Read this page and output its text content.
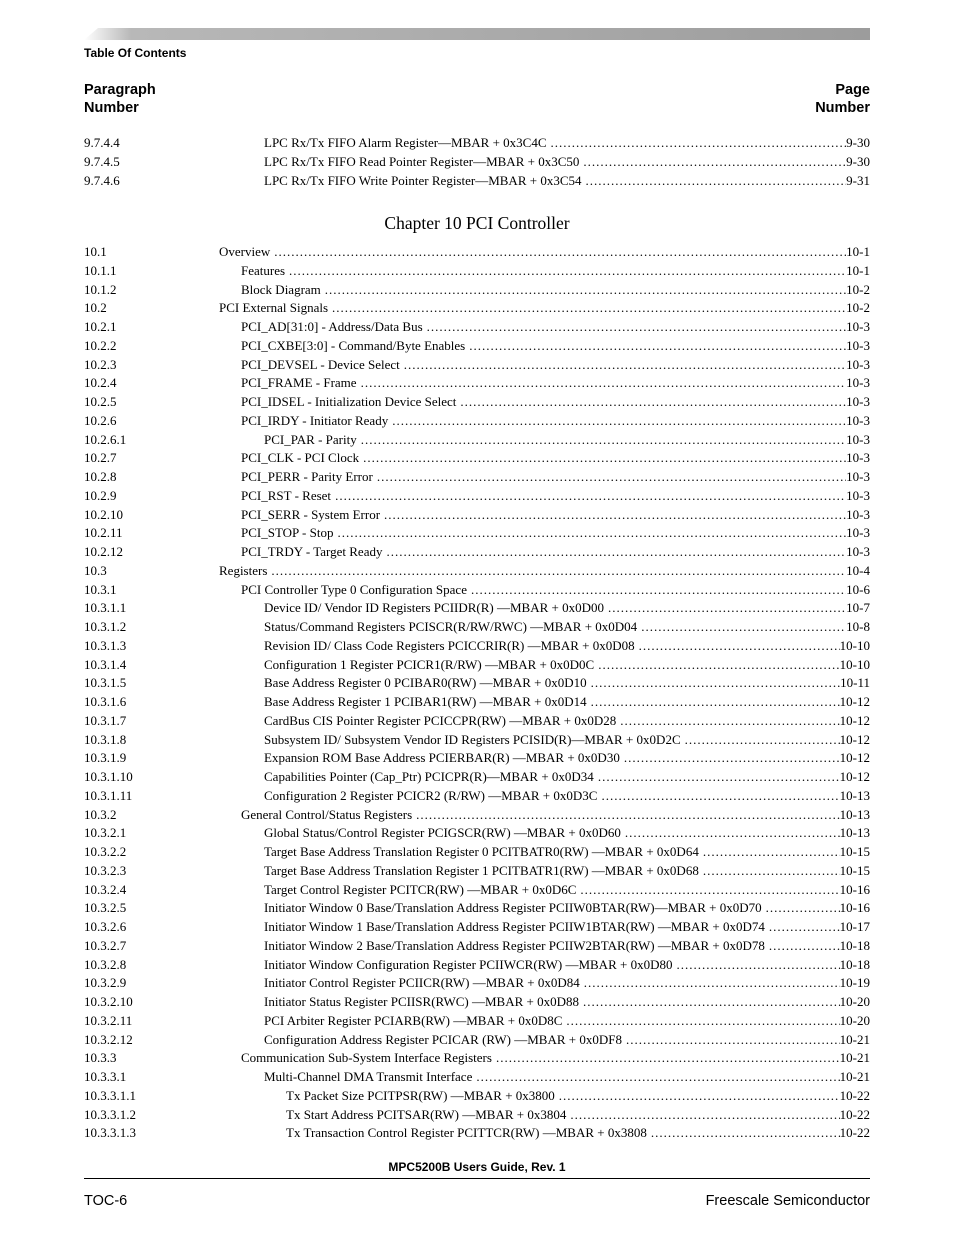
Table Of Contents
Paragraph
Number
Page
Number
9.7.4.4	LPC Rx/Tx FIFO Alarm Register—MBAR + 0x3C4C .....	9-30
9.7.4.5	LPC Rx/Tx FIFO Read Pointer Register—MBAR + 0x3C50 .....	9-30
9.7.4.6	LPC Rx/Tx FIFO Write Pointer Register—MBAR + 0x3C54 .....	9-31
Chapter 10 PCI Controller
10.1	Overview .....	10-1
10.1.1	Features .....	10-1
10.1.2	Block Diagram .....	10-2
10.2	PCI External Signals .....	10-2
10.2.1	PCI_AD[31:0] - Address/Data Bus .....	10-3
10.2.2	PCI_CXBE[3:0] - Command/Byte Enables .....	10-3
10.2.3	PCI_DEVSEL - Device Select .....	10-3
10.2.4	PCI_FRAME - Frame .....	10-3
10.2.5	PCI_IDSEL - Initialization Device Select .....	10-3
10.2.6	PCI_IRDY - Initiator Ready .....	10-3
10.2.6.1	PCI_PAR - Parity .....	10-3
10.2.7	PCI_CLK - PCI Clock .....	10-3
10.2.8	PCI_PERR - Parity Error .....	10-3
10.2.9	PCI_RST - Reset .....	10-3
10.2.10	PCI_SERR - System Error .....	10-3
10.2.11	PCI_STOP - Stop .....	10-3
10.2.12	PCI_TRDY - Target Ready .....	10-3
10.3	Registers .....	10-4
10.3.1	PCI Controller Type 0 Configuration Space .....	10-6
10.3.1.1	Device ID/ Vendor ID Registers PCIIDR(R) —MBAR + 0x0D00 .....	10-7
10.3.1.2	Status/Command Registers PCISCR(R/RW/RWC) —MBAR + 0x0D04 .....	10-8
10.3.1.3	Revision ID/ Class Code Registers PCICCRIR(R) —MBAR + 0x0D08 .....	10-10
10.3.1.4	Configuration 1 Register PCICR1(R/RW) —MBAR + 0x0D0C .....	10-10
10.3.1.5	Base Address Register 0 PCIBAR0(RW) —MBAR + 0x0D10 .....	10-11
10.3.1.6	Base Address Register 1 PCIBAR1(RW) —MBAR + 0x0D14 .....	10-12
10.3.1.7	CardBus CIS Pointer Register PCICCPR(RW) —MBAR + 0x0D28 .....	10-12
10.3.1.8	Subsystem ID/ Subsystem Vendor ID Registers PCISID(R)—MBAR + 0x0D2C .....	10-12
10.3.1.9	Expansion ROM Base Address PCIERBAR(R) —MBAR + 0x0D30 .....	10-12
10.3.1.10	Capabilities Pointer (Cap_Ptr) PCICPR(R)—MBAR + 0x0D34 .....	10-12
10.3.1.11	Configuration 2 Register PCICR2 (R/RW) —MBAR + 0x0D3C .....	10-13
10.3.2	General Control/Status Registers .....	10-13
10.3.2.1	Global Status/Control Register PCIGSCR(RW) —MBAR + 0x0D60 .....	10-13
10.3.2.2	Target Base Address Translation Register 0 PCITBATR0(RW) —MBAR + 0x0D64 .....	10-15
10.3.2.3	Target Base Address Translation Register 1 PCITBATR1(RW) —MBAR + 0x0D68 .....	10-15
10.3.2.4	Target Control Register PCITCR(RW) —MBAR + 0x0D6C .....	10-16
10.3.2.5	Initiator Window 0 Base/Translation Address Register PCIIW0BTAR(RW)—MBAR + 0x0D70 .....	10-16
10.3.2.6	Initiator Window 1 Base/Translation Address Register PCIIW1BTAR(RW) —MBAR + 0x0D74 .....	10-17
10.3.2.7	Initiator Window 2 Base/Translation Address Register PCIIW2BTAR(RW) —MBAR + 0x0D78 .....	10-18
10.3.2.8	Initiator Window Configuration Register PCIIWCR(RW) —MBAR + 0x0D80 .....	10-18
10.3.2.9	Initiator Control Register PCIICR(RW) —MBAR + 0x0D84 .....	10-19
10.3.2.10	Initiator Status Register PCIISR(RWC) —MBAR + 0x0D88 .....	10-20
10.3.2.11	PCI Arbiter Register PCIARB(RW) —MBAR + 0x0D8C .....	10-20
10.3.2.12	Configuration Address Register PCICAR (RW) —MBAR + 0x0DF8 .....	10-21
10.3.3	Communication Sub-System Interface Registers .....	10-21
10.3.3.1	Multi-Channel DMA Transmit Interface .....	10-21
10.3.3.1.1	Tx Packet Size PCITPSR(RW) —MBAR + 0x3800 .....	10-22
10.3.3.1.2	Tx Start Address PCITSAR(RW) —MBAR + 0x3804 .....	10-22
10.3.3.1.3	Tx Transaction Control Register PCITTCR(RW) —MBAR + 0x3808 .....	10-22
MPC5200B Users Guide, Rev. 1
TOC-6	Freescale Semiconductor
